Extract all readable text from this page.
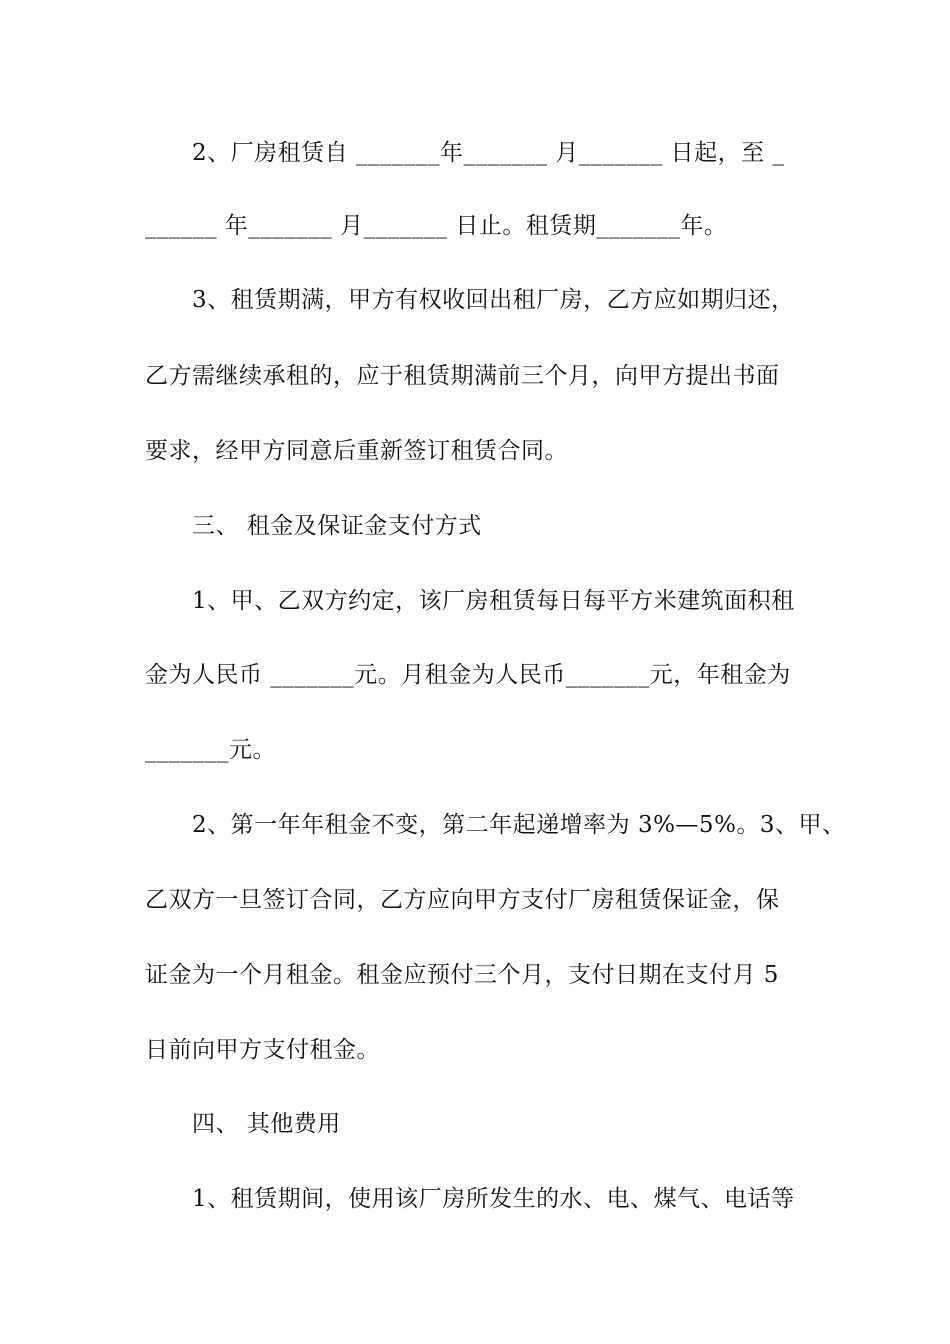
2、厂房租赁自 _______年_______ 月_______ 日起，至 _
______ 年_______ 月_______ 日止。租赁期_______年。
3、租赁期满，甲方有权收回出租厂房，乙方应如期归还，
乙方需继续承租的，应于租赁期满前三个月，向甲方提出书面
要求，经甲方同意后重新签订租赁合同。
三、 租金及保证金支付方式
1、甲、乙双方约定，该厂房租赁每日每平方米建筑面积租
金为人民币 _______元。月租金为人民币_______元，年租金为
_______元。
2、第一年年租金不变，第二年起递增率为 3%—5%。3、甲、
乙双方一旦签订合同，乙方应向甲方支付厂房租赁保证金，保
证金为一个月租金。租金应预付三个月，支付日期在支付月 5
日前向甲方支付租金。
四、 其他费用
1、租赁期间，使用该厂房所发生的水、电、煤气、电话等
